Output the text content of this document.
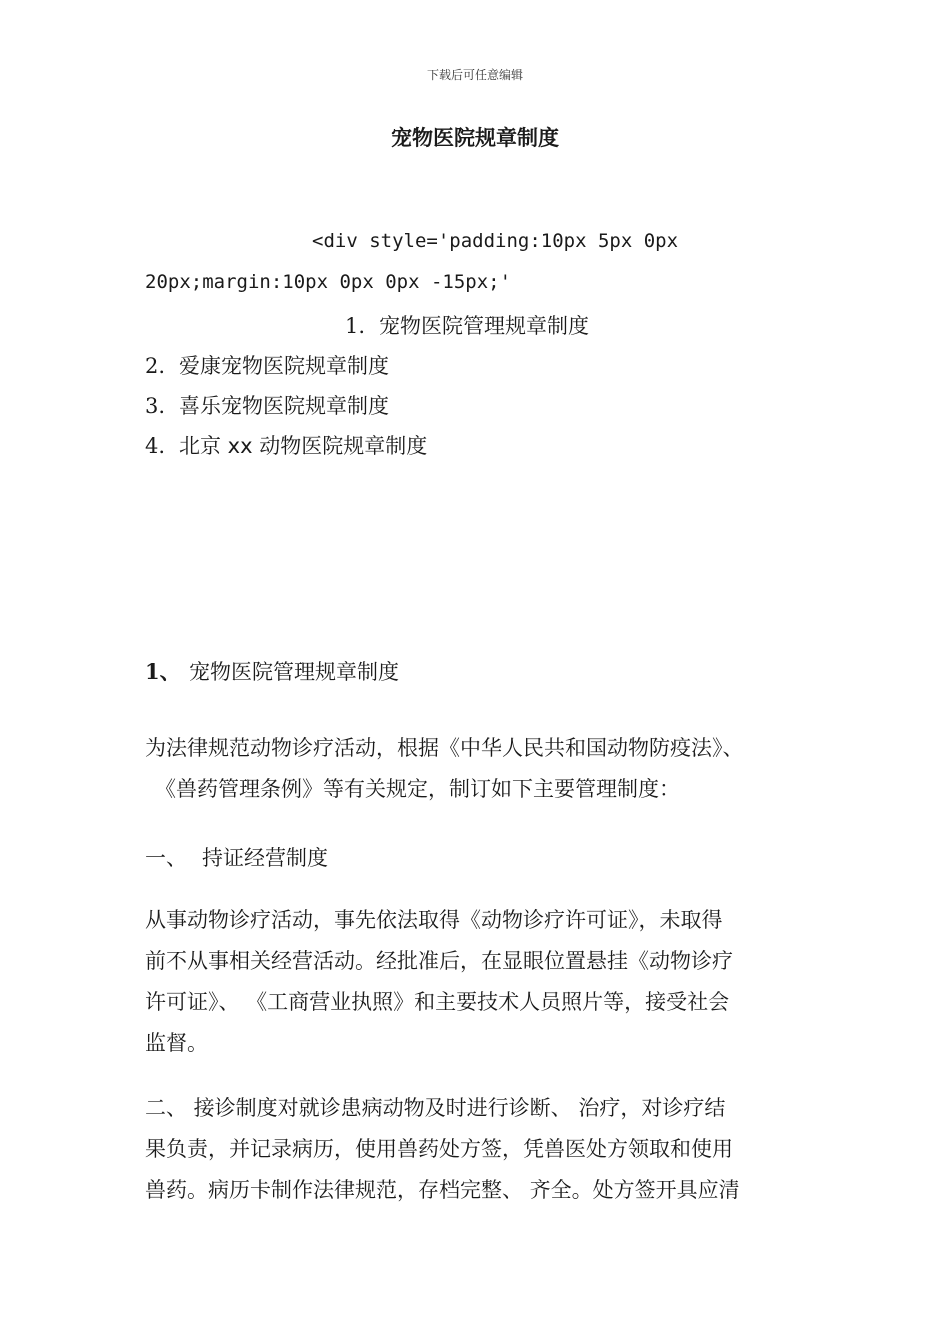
下载后可任意编辑
宠物医院规章制度
<div style='padding:10px 5px 0px
20px;margin:10px 0px 0px -15px;'
1. 宠物医院管理规章制度
2. 爱康宠物医院规章制度
3. 喜乐宠物医院规章制度
4. 北京 xx 动物医院规章制度
1、 宠物医院管理规章制度
为法律规范动物诊疗活动，根据《中华人民共和国动物防疫法》、
《兽药管理条例》等有关规定，制订如下主要管理制度：
一、 持证经营制度
从事动物诊疗活动，事先依法取得《动物诊疗许可证》，未取得
前不从事相关经营活动。经批准后，在显眼位置悬挂《动物诊疗
许可证》、 《工商营业执照》和主要技术人员照片等，接受社会
监督。
二、 接诊制度对就诊患病动物及时进行诊断、 治疗，对诊疗结
果负责，并记录病历，使用兽药处方签，凭兽医处方领取和使用
兽药。病历卡制作法律规范，存档完整、 齐全。处方签开具应清
